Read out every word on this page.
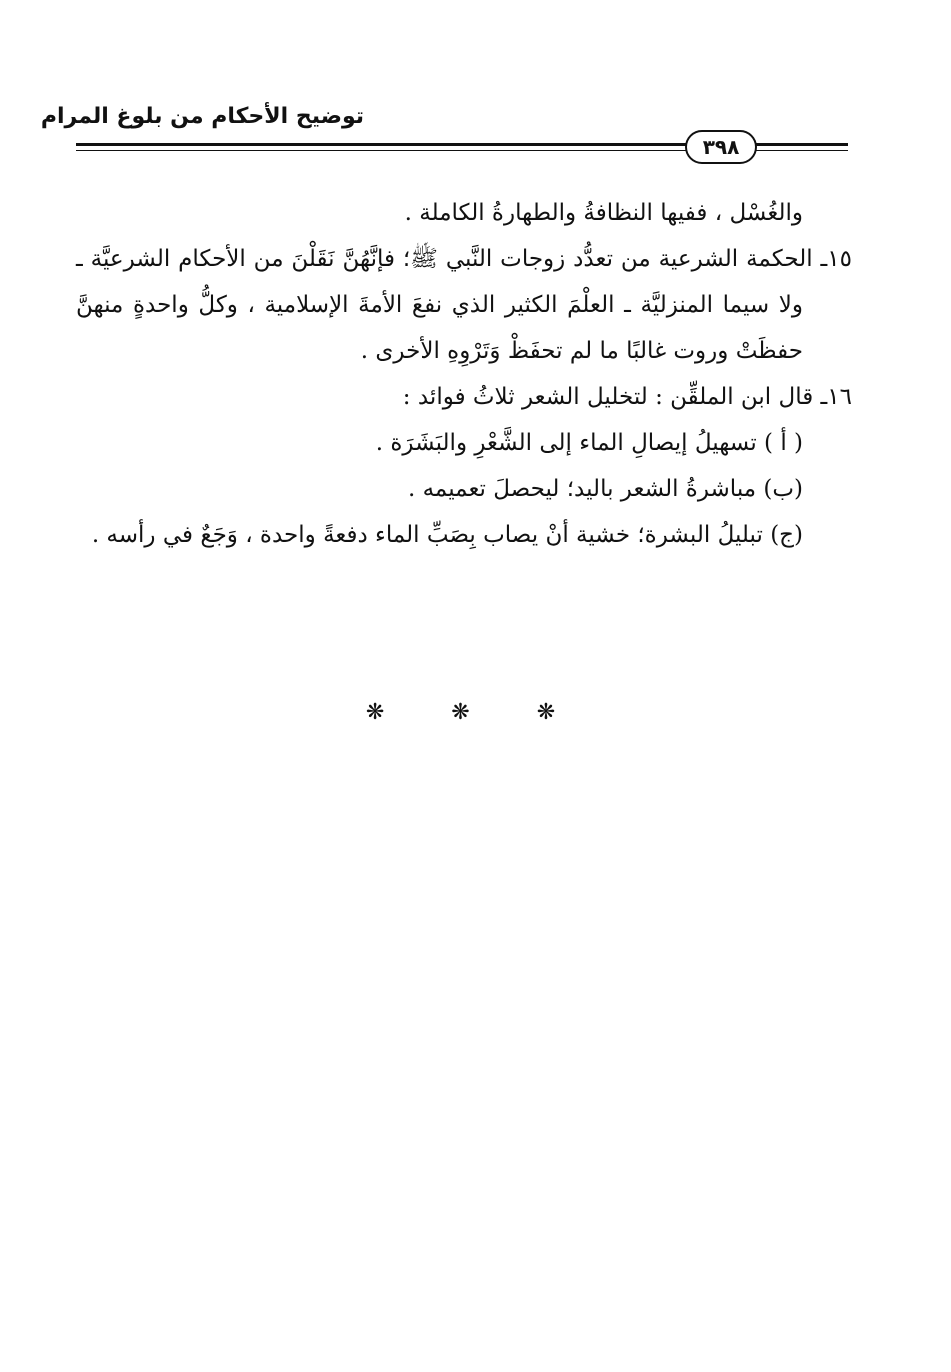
توضيح الأحكام من بلوغ المرام
٣٩٨

والغُسْل ، ففيها النظافةُ والطهارةُ الكاملة .

١٥ـ الحكمة الشرعية من تعدُّد زوجات النَّبي ﷺ؛ فإنَّهُنَّ نَقَلْنَ من الأحكام الشرعيَّة ـ ولا سيما المنزليَّة ـ العلْمَ الكثير الذي نفعَ الأمةَ الإسلامية ، وكلُّ واحدةٍ منهنَّ حفظَتْ وروت غالبًا ما لم تحفَظْ وَتَرْوِهِ الأخرى .

١٦ـ قال ابن الملقِّن : لتخليل الشعر ثلاثُ فوائد :

( أ ) تسهيلُ إيصالِ الماء إلى الشَّعْرِ والبَشَرَة .

(ب) مباشرةُ الشعر باليد؛ ليحصلَ تعميمه .

(ج) تبليلُ البشرة؛ خشية أنْ يصاب بِصَبِّ الماء دفعةً واحدة ، وَجَعٌ في رأسه .

❋ ❋ ❋
